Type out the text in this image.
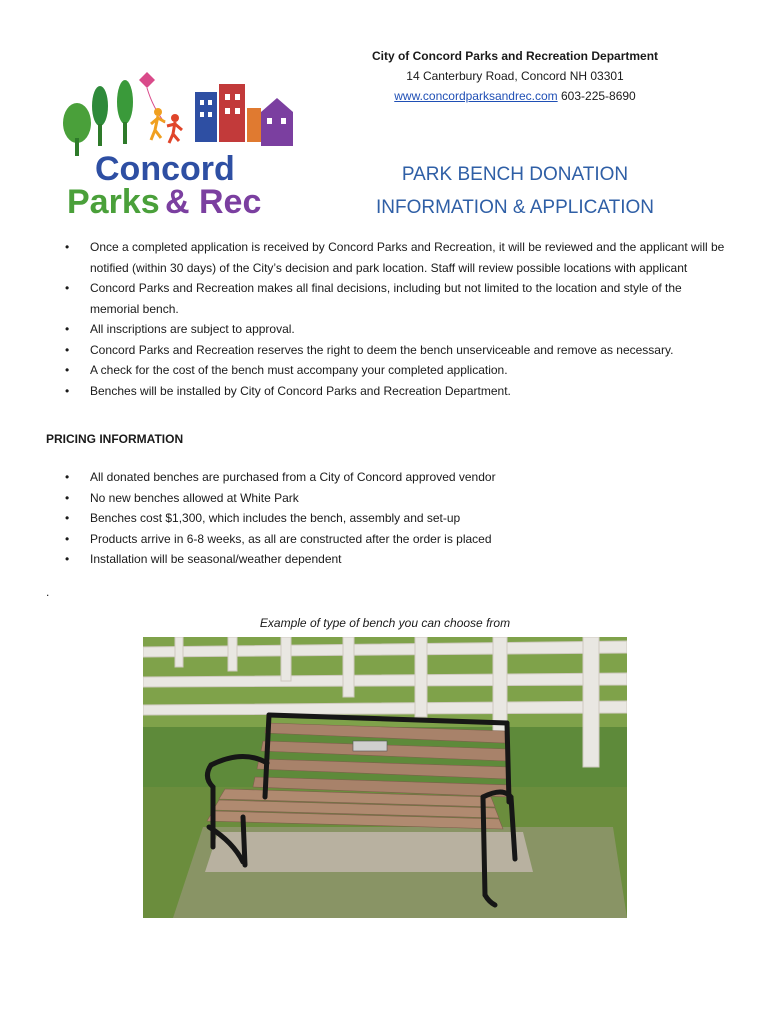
City of Concord Parks and Recreation Department
14 Canterbury Road, Concord NH 03301
www.concordparksandrec.com 603-225-8690
Concord
Parks & Rec
PARK BENCH DONATION
INFORMATION & APPLICATION
• Once a completed application is received by Concord Parks and Recreation, it will be reviewed and the applicant will be notified (within 30 days) of the City’s decision and park location. Staff will review possible locations with applicant
• Concord Parks and Recreation makes all final decisions, including but not limited to the location and style of the memorial bench.
• All inscriptions are subject to approval.
• Concord Parks and Recreation reserves the right to deem the bench unserviceable and remove as necessary.
• A check for the cost of the bench must accompany your completed application.
• Benches will be installed by City of Concord Parks and Recreation Department.
PRICING INFORMATION
• All donated benches are purchased from a City of Concord approved vendor
• No new benches allowed at White Park
• Benches cost $1,300, which includes the bench, assembly and set-up
• Products arrive in 6-8 weeks, as all are constructed after the order is placed
• Installation will be seasonal/weather dependent
.
Example of type of bench you can choose from
